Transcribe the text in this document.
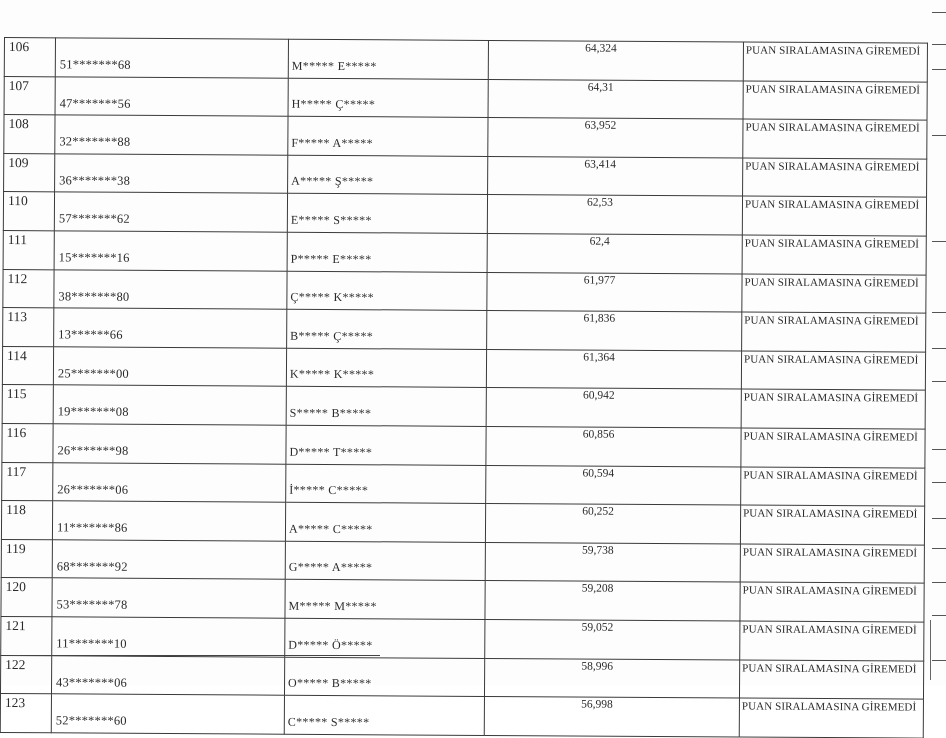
106	51*******68	M***** E*****	64,324	PUAN SIRALAMASINA GİREMEDİ
107	47*******56	H***** Ç*****	64,31	PUAN SIRALAMASINA GİREMEDİ
108	32*******88	F***** A*****	63,952	PUAN SIRALAMASINA GİREMEDİ
109	36*******38	A***** Ş*****	63,414	PUAN SIRALAMASINA GİREMEDİ
110	57*******62	E***** S*****	62,53	PUAN SIRALAMASINA GİREMEDİ
111	15*******16	P***** E*****	62,4	PUAN SIRALAMASINA GİREMEDİ
112	38*******80	Ç***** K*****	61,977	PUAN SIRALAMASINA GİREMEDİ
113	13******66	B***** Ç*****	61,836	PUAN SIRALAMASINA GİREMEDİ
114	25*******00	K***** K*****	61,364	PUAN SIRALAMASINA GİREMEDİ
115	19*******08	S***** B*****	60,942	PUAN SIRALAMASINA GİREMEDİ
116	26*******98	D***** T*****	60,856	PUAN SIRALAMASINA GİREMEDİ
117	26*******06	İ***** C*****	60,594	PUAN SIRALAMASINA GİREMEDİ
118	11*******86	A***** C*****	60,252	PUAN SIRALAMASINA GİREMEDİ
119	68*******92	G***** A*****	59,738	PUAN SIRALAMASINA GİREMEDİ
120	53*******78	M***** M*****	59,208	PUAN SIRALAMASINA GİREMEDİ
121	11*******10	D***** Ö*****	59,052	PUAN SIRALAMASINA GİREMEDİ
122	43*******06	O***** B*****	58,996	PUAN SIRALAMASINA GİREMEDİ
123	52*******60	C***** S*****	56,998	PUAN SIRALAMASINA GİREMEDİ
